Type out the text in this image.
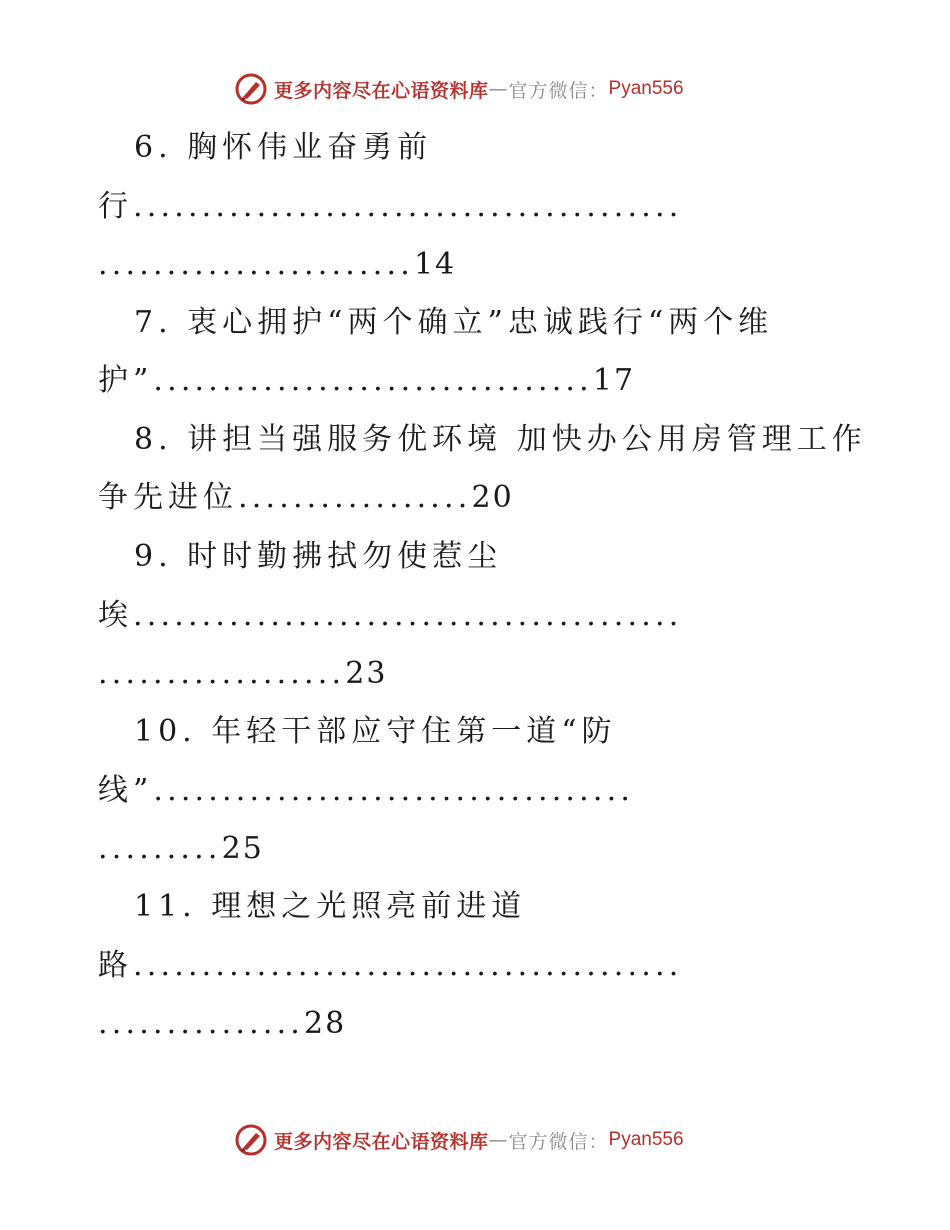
更多内容尽在心语资料库 — 官方微信： Pyan556
6. 胸怀伟业奋勇前
行........................................
.......................14
7. 衷心拥护“两个确立”忠诚践行“两个维
护”................................17
8. 讲担当强服务优环境 加快办公用房管理工作
争先进位.................20
9. 时时勤拂拭勿使惹尘
埃........................................
..................23
10. 年轻干部应守住第一道“防
线”...................................
.........25
11. 理想之光照亮前进道
路........................................
...............28
更多内容尽在心语资料库 — 官方微信： Pyan556
